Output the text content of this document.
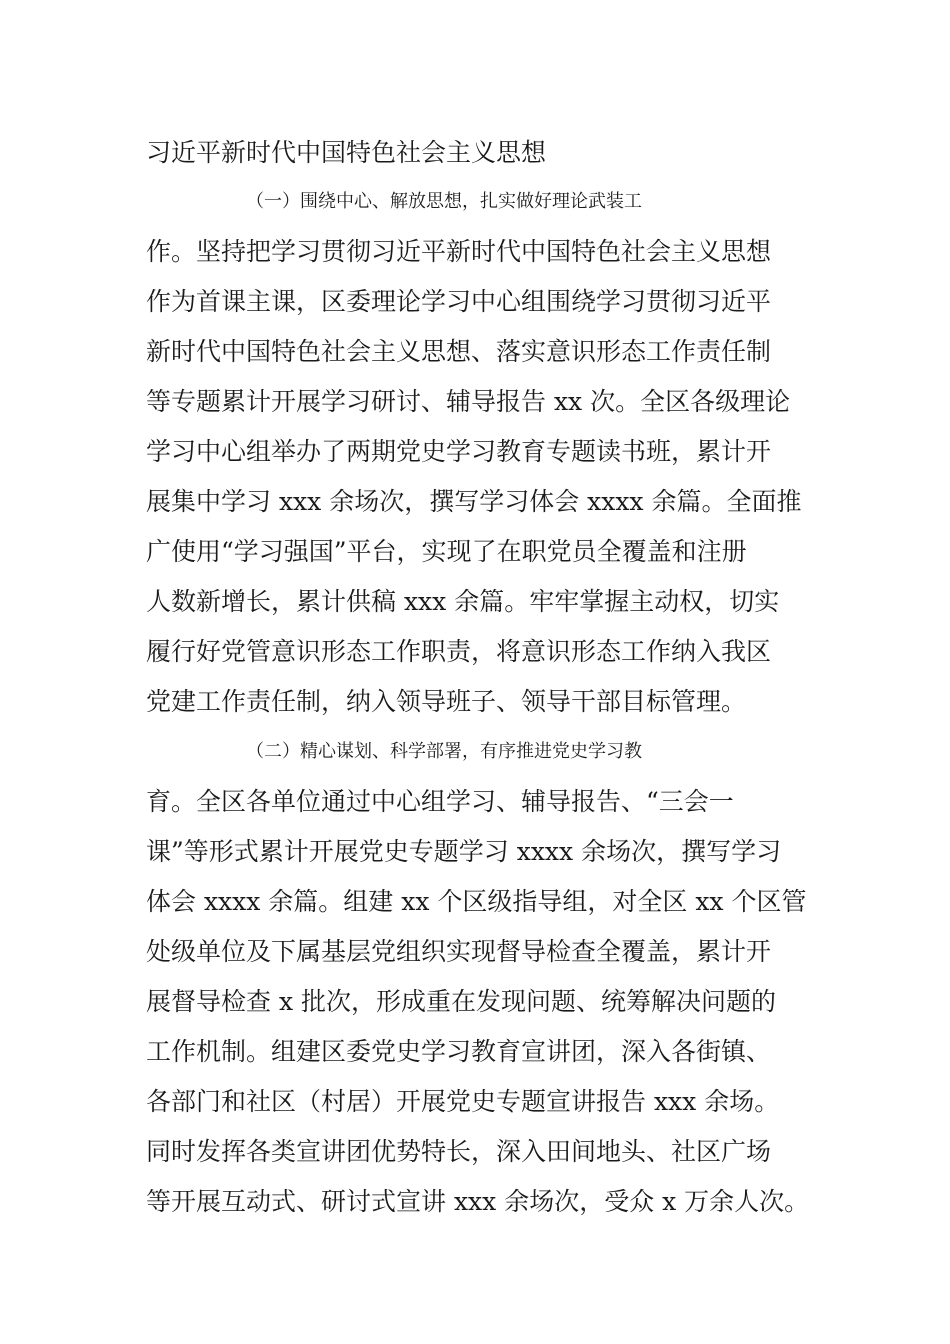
习近平新时代中国特色社会主义思想
（一）围绕中心、解放思想，扎实做好理论武装工
作。坚持把学习贯彻习近平新时代中国特色社会主义思想
作为首课主课，区委理论学习中心组围绕学习贯彻习近平
新时代中国特色社会主义思想、落实意识形态工作责任制
等专题累计开展学习研讨、辅导报告 xx 次。全区各级理论
学习中心组举办了两期党史学习教育专题读书班，累计开
展集中学习 xxx 余场次，撰写学习体会 xxxx 余篇。全面推
广使用“学习强国”平台，实现了在职党员全覆盖和注册
人数新增长，累计供稿 xxx 余篇。牢牢掌握主动权，切实
履行好党管意识形态工作职责，将意识形态工作纳入我区
党建工作责任制，纳入领导班子、领导干部目标管理。
（二）精心谋划、科学部署，有序推进党史学习教
育。全区各单位通过中心组学习、辅导报告、“三会一
课”等形式累计开展党史专题学习 xxxx 余场次，撰写学习
体会 xxxx 余篇。组建 xx 个区级指导组，对全区 xx 个区管
处级单位及下属基层党组织实现督导检查全覆盖，累计开
展督导检查 x 批次，形成重在发现问题、统筹解决问题的
工作机制。组建区委党史学习教育宣讲团，深入各街镇、
各部门和社区（村居）开展党史专题宣讲报告 xxx 余场。
同时发挥各类宣讲团优势特长，深入田间地头、社区广场
等开展互动式、研讨式宣讲 xxx 余场次，受众 x 万余人次。
